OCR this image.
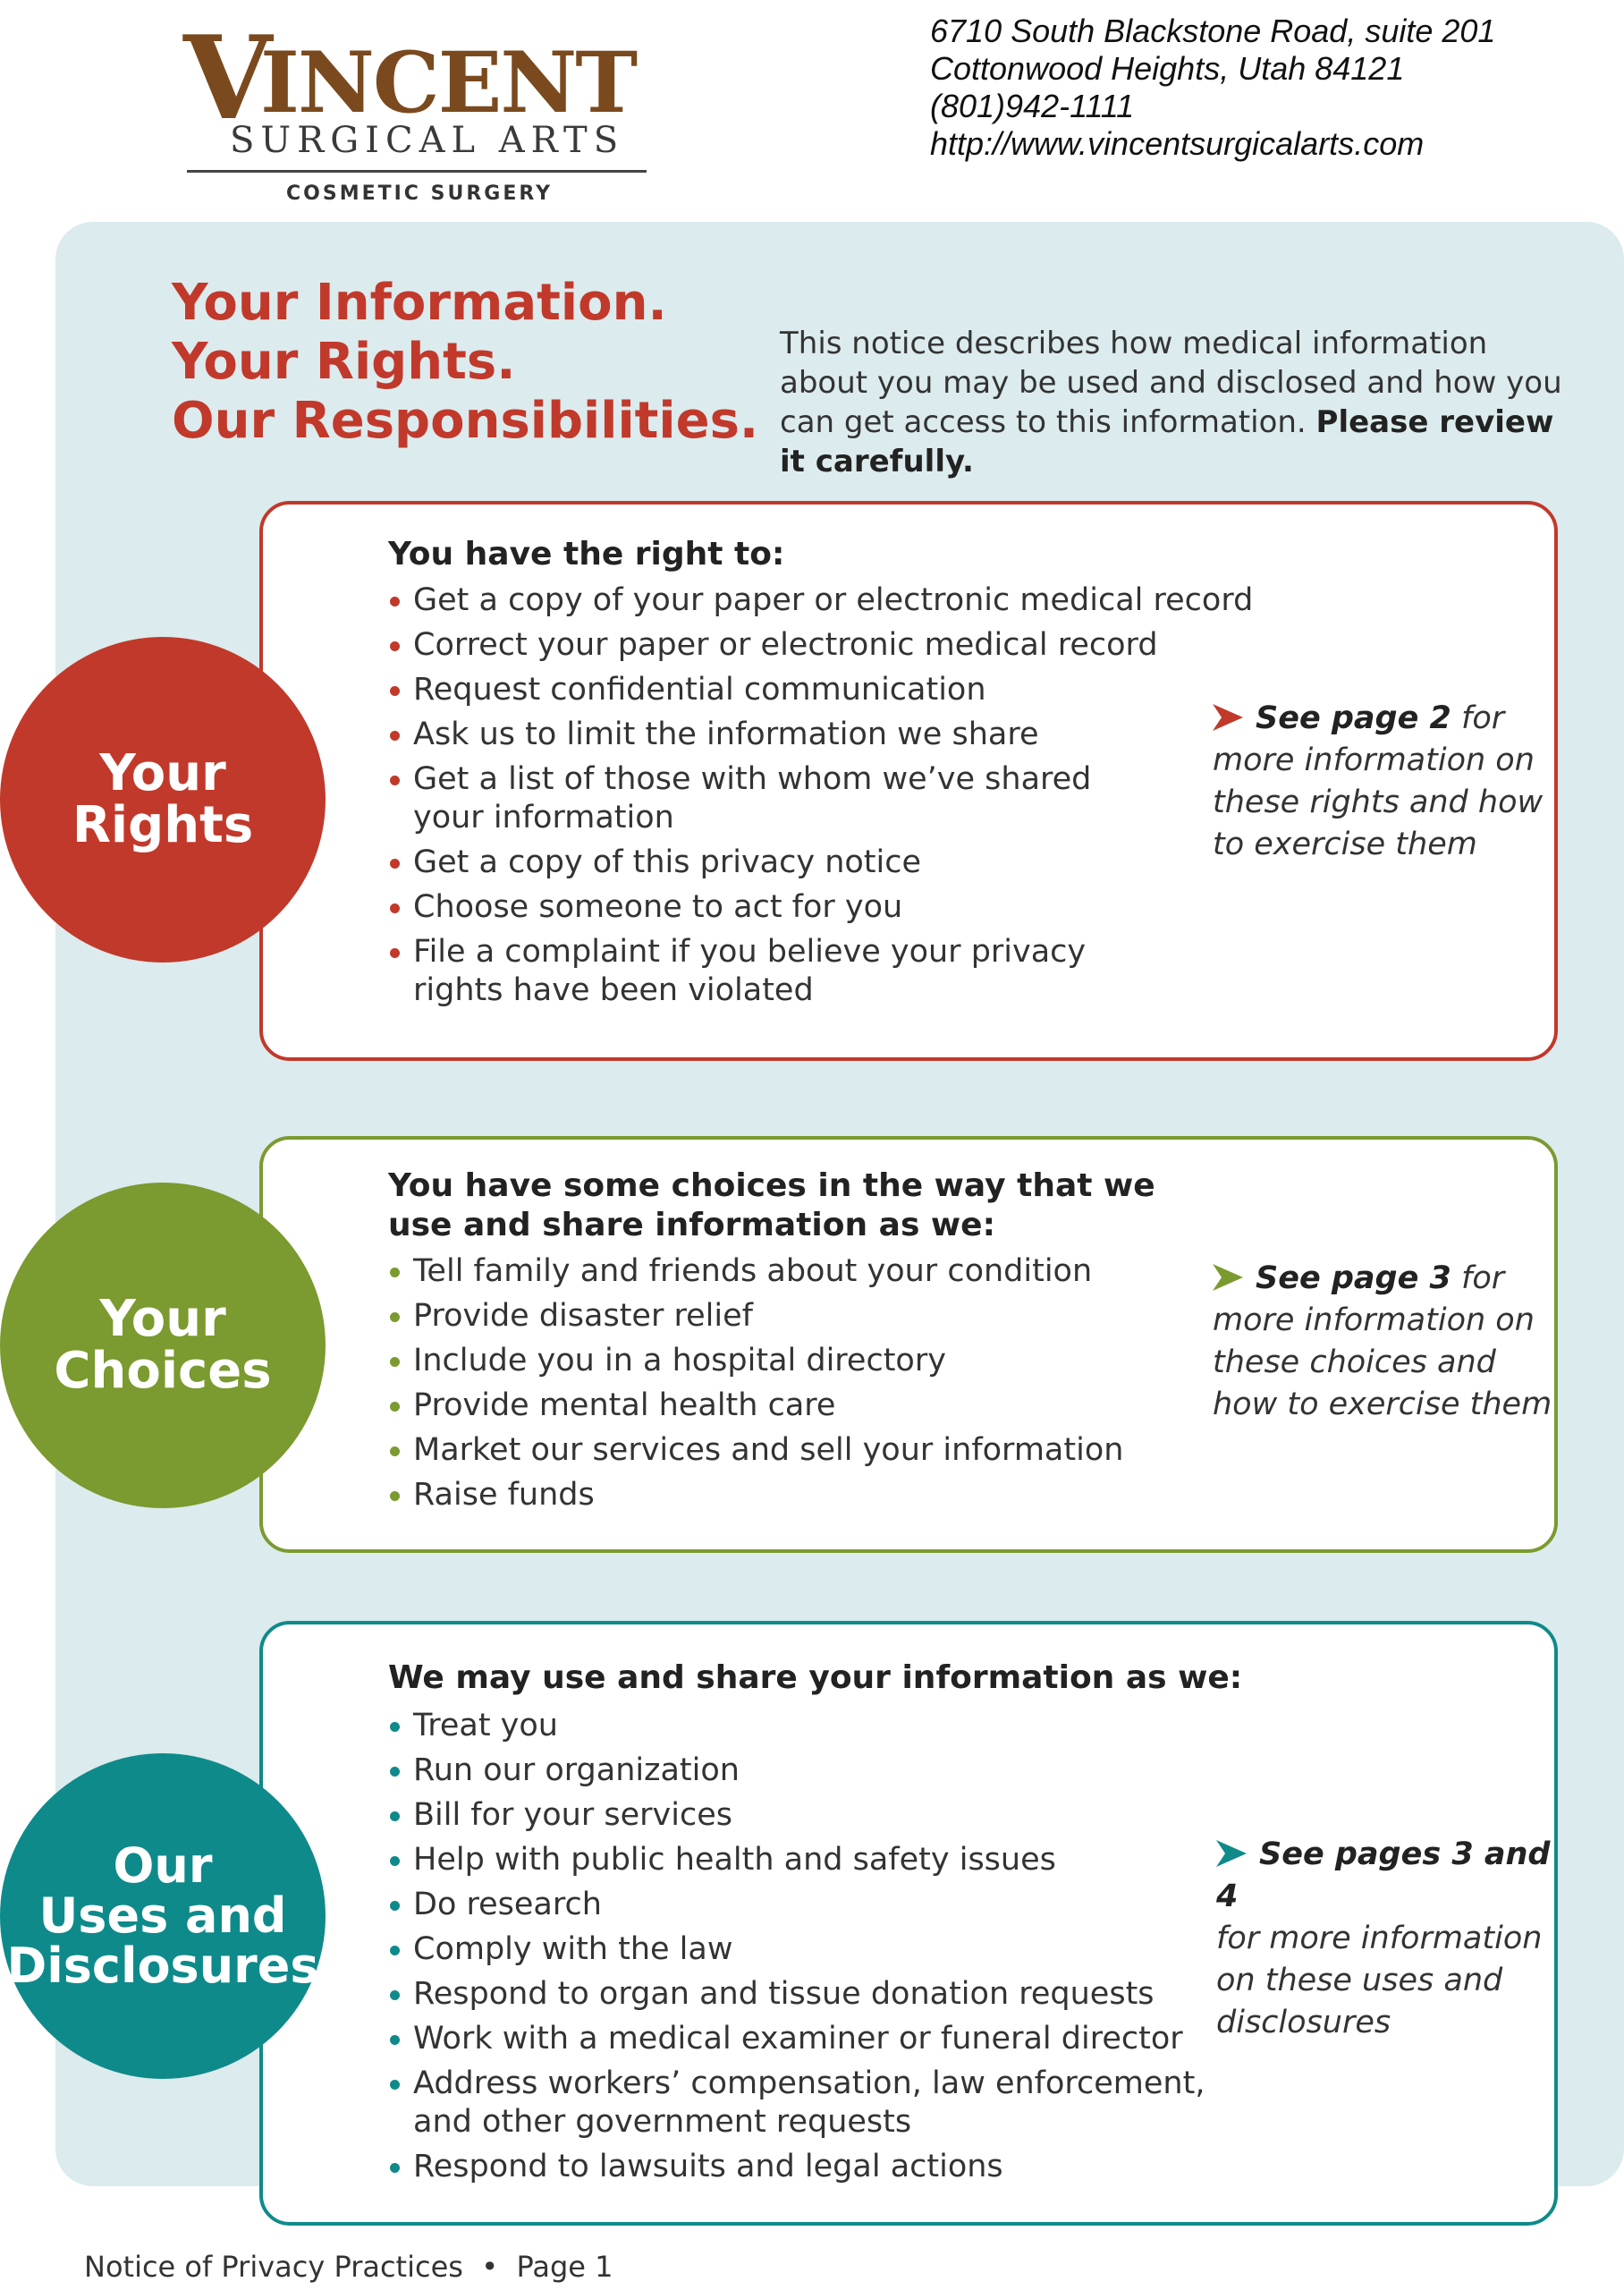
V
INCENT
SURGICAL ARTS
COSMETIC SURGERY
6710 South Blackstone Road, suite 201
Cottonwood Heights, Utah 84121
(801)942-1111
http://www.vincentsurgicalarts.com
Your Information.
Your Rights.
Our Responsibilities.
This notice describes how medical information about you may be used and disclosed and how you can get access to this information. Please review it carefully.
You have the right to:
Get a copy of your paper or electronic medical record
Correct your paper or electronic medical record
Request confidential communication
Ask us to limit the information we share
Get a list of those with whom we’ve shared
your information
Get a copy of this privacy notice
Choose someone to act for you
File a complaint if you believe your privacy
rights have been violated
See page 2 for
more information on
these rights and how
to exercise them
You have some choices in the way that we
use and share information as we:
Tell family and friends about your condition
Provide disaster relief
Include you in a hospital directory
Provide mental health care
Market our services and sell your information
Raise funds
See page 3 for
more information on
these choices and
how to exercise them
We may use and share your information as we:
Treat you
Run our organization
Bill for your services
Help with public health and safety issues
Do research
Comply with the law
Respond to organ and tissue donation requests
Work with a medical examiner or funeral director
Address workers’ compensation, law enforcement,
and other government requests
Respond to lawsuits and legal actions
See pages 3 and 4
for more information
on these uses and
disclosures
Your
Rights
Your
Choices
Our
Uses and
Disclosures
Notice of Privacy Practices • Page 1
